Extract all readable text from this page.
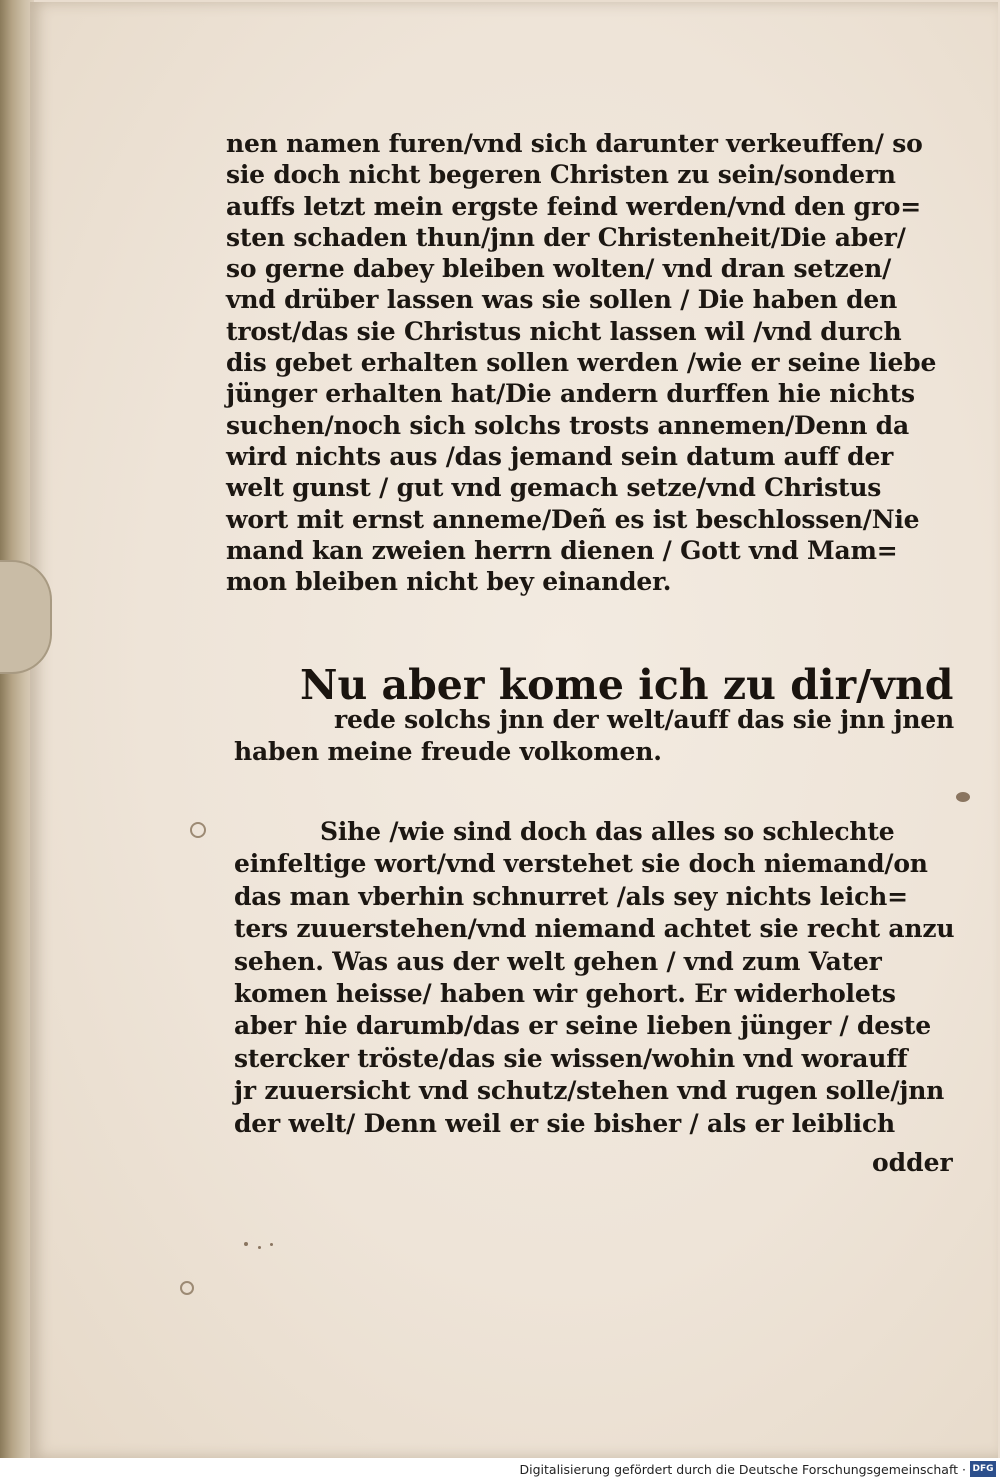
nen namen furen/vnd sich darunter verkeuffen/ so
sie doch nicht begeren Christen zu sein/sondern
auffs letzt mein ergste feind werden/vnd den gro=
sten schaden thun/jnn der Christenheit/Die aber/
so gerne dabey bleiben wolten/ vnd dran setzen/
vnd drüber lassen was sie sollen / Die haben den
trost/das sie Christus nicht lassen wil /vnd durch
dis gebet erhalten sollen werden /wie er seine liebe
jünger erhalten hat/Die andern durffen hie nichts
suchen/noch sich solchs trosts annemen/Denn da
wird nichts aus /das jemand sein datum auff der
welt gunst / gut vnd gemach setze/vnd Christus
wort mit ernst anneme/Deñ es ist beschlossen/Nie
mand kan zweien herrn dienen / Gott vnd Mam=
mon bleiben nicht bey einander.
Nu aber kome ich zu dir/vnd
rede solchs jnn der welt/auff das sie jnn jnen
haben meine freude volkomen.
Sihe /wie sind doch das alles so schlechte
einfeltige wort/vnd verstehet sie doch niemand/on
das man vberhin schnurret /als sey nichts leich=
ters zuuerstehen/vnd niemand achtet sie recht anzu
sehen. Was aus der welt gehen / vnd zum Vater
komen heisse/ haben wir gehort. Er widerholets
aber hie darumb/das er seine lieben jünger / deste
stercker tröste/das sie wissen/wohin vnd worauff
jr zuuersicht vnd schutz/stehen vnd rugen solle/jnn
der welt/ Denn weil er sie bisher / als er leiblich
odder
Digitalisierung gefördert durch die Deutsche Forschungsgemeinschaft · DFG
